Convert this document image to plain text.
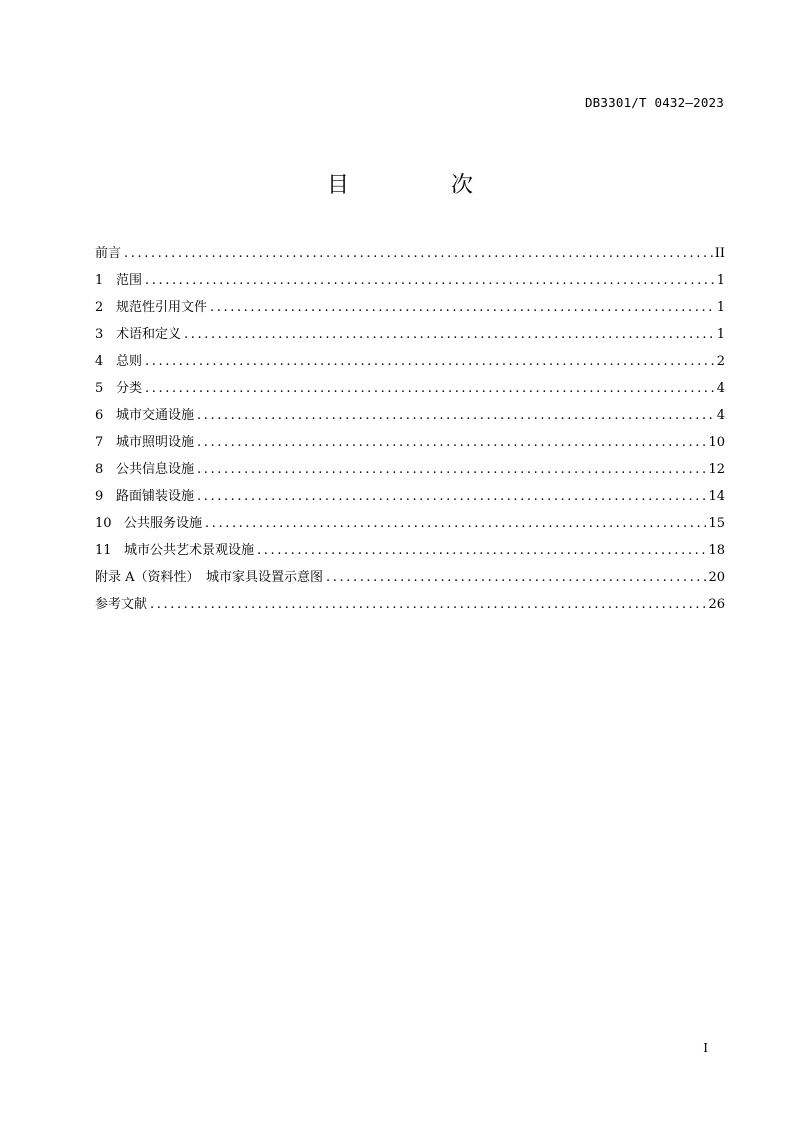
DB3301/T 0432—2023
目　次
前言 .....	II
1 范围 .....	1
2 规范性引用文件 .....	1
3 术语和定义 .....	1
4 总则 .....	2
5 分类 .....	4
6 城市交通设施 .....	4
7 城市照明设施 .....	10
8 公共信息设施 .....	12
9 路面铺装设施 .....	14
10 公共服务设施 .....	15
11 城市公共艺术景观设施 .....	18
附录 A（资料性）　城市家具设置示意图 .....	20
参考文献 .....	26
I
